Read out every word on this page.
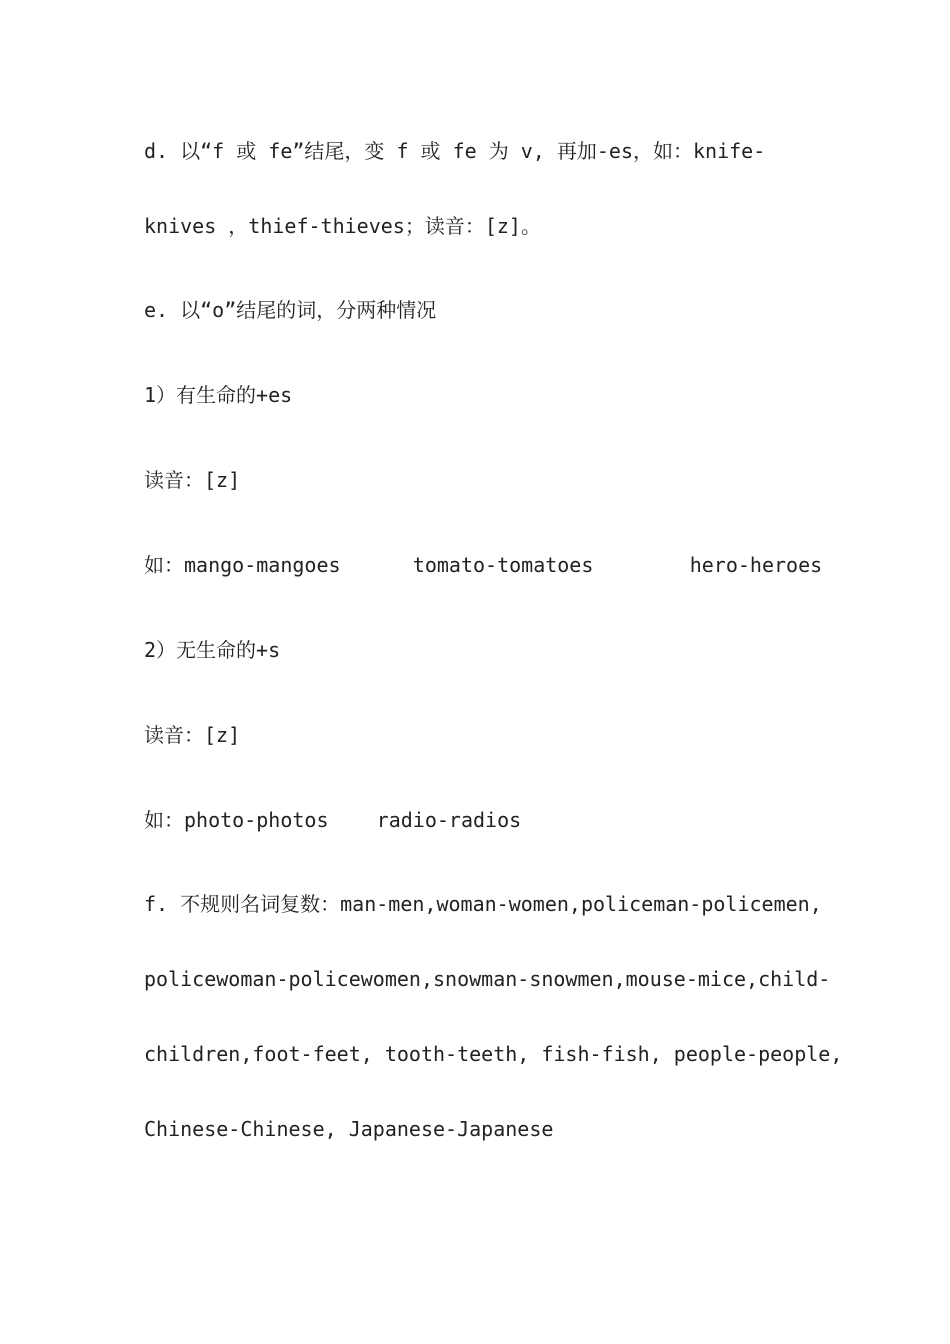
d. 以“f 或 fe”结尾，变 f 或 fe 为 v, 再加-es，如：knife-
knives ，thief-thieves；读音：[z]。
e. 以“o”结尾的词，分两种情况
1）有生命的+es
读音：[z]
如：mango-mangoes      tomato-tomatoes        hero-heroes
2）无生命的+s
读音：[z]
如：photo-photos    radio-radios
f. 不规则名词复数：man-men,woman-women,policeman-policemen,
policewoman-policewomen,snowman-snowmen,mouse-mice,child-
children,foot-feet, tooth-teeth, fish-fish, people-people,
Chinese-Chinese, Japanese-Japanese
